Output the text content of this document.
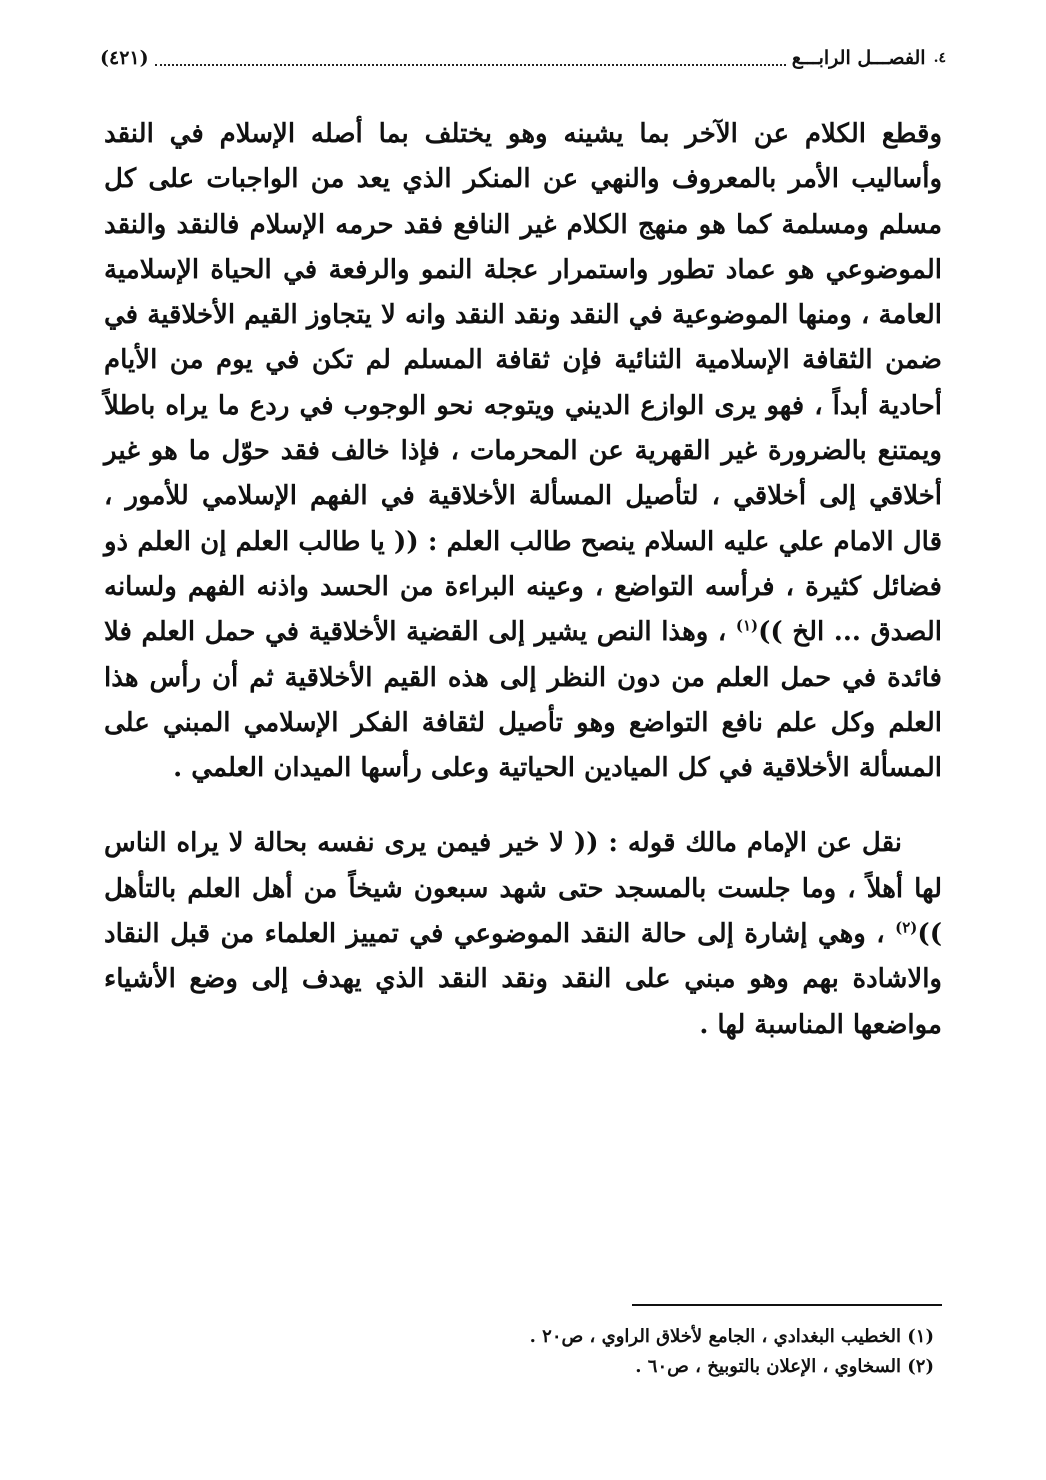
٤.
الفصـــل الرابـــع
(٤٢١)

وقطع الكلام عن الآخر بما يشينه وهو يختلف بما أصله الإسلام في النقد وأساليب الأمر بالمعروف والنهي عن المنكر الذي يعد من الواجبات على كل مسلم ومسلمة كما هو منهج الكلام غير النافع فقد حرمه الإسلام فالنقد والنقد الموضوعي هو عماد تطور واستمرار عجلة النمو والرفعة في الحياة الإسلامية العامة ، ومنها الموضوعية في النقد ونقد النقد وانه لا يتجاوز القيم الأخلاقية في ضمن الثقافة الإسلامية الثنائية فإن ثقافة المسلم لم تكن في يوم من الأيام أحادية أبداً ، فهو يرى الوازع الديني ويتوجه نحو الوجوب في ردع ما يراه باطلاً ويمتنع بالضرورة غير القهرية عن المحرمات ، فإذا خالف فقد حوّل ما هو غير أخلاقي إلى أخلاقي ، لتأصيل المسألة الأخلاقية في الفهم الإسلامي للأمور ، قال الامام علي عليه السلام ينصح طالب العلم : (( يا طالب العلم إن العلم ذو فضائل كثيرة ، فرأسه التواضع ، وعينه البراءة من الحسد واذنه الفهم ولسانه الصدق ... الخ ))$^{(١)}$ ، وهذا النص يشير إلى القضية الأخلاقية في حمل العلم فلا فائدة في حمل العلم من دون النظر إلى هذه القيم الأخلاقية ثم أن رأس هذا العلم وكل علم نافع التواضع وهو تأصيل لثقافة الفكر الإسلامي المبني على المسألة الأخلاقية في كل الميادين الحياتية وعلى رأسها الميدان العلمي .

نقل عن الإمام مالك قوله : (( لا خير فيمن يرى نفسه بحالة لا يراه الناس لها أهلاً ، وما جلست بالمسجد حتى شهد سبعون شيخاً من أهل العلم بالتأهل ))$^{(٢)}$ ، وهي إشارة إلى حالة النقد الموضوعي في تمييز العلماء من قبل النقاد والاشادة بهم وهو مبني على النقد ونقد النقد الذي يهدف إلى وضع الأشياء مواضعها المناسبة لها .

(١) الخطيب البغدادي ، الجامع لأخلاق الراوي ، ص٢٠ .

(٢) السخاوي ، الإعلان بالتوبيخ ، ص٦٠ .
